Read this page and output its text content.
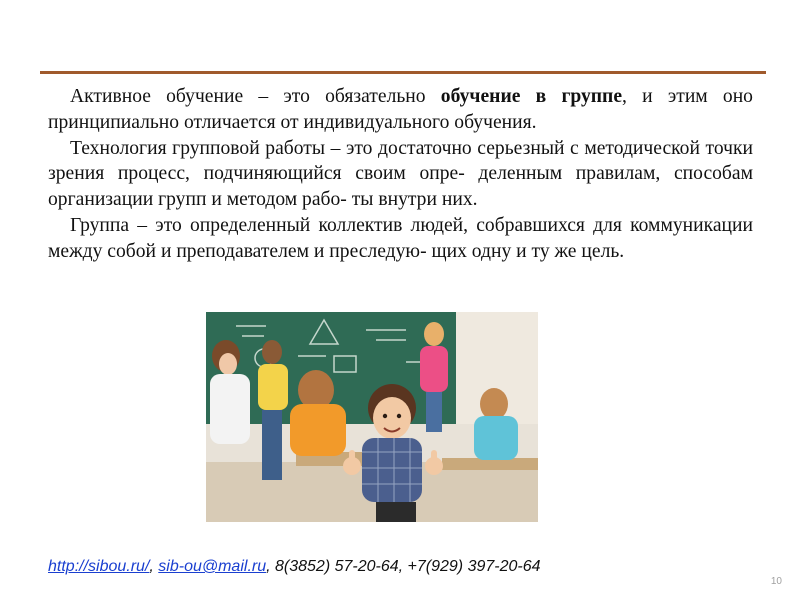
Активное обучение – это обязательно обучение в группе, и этим оно принципиально отличается от индивидуального обучения.

Технология групповой работы – это достаточно серьезный с методической точки зрения процесс, подчиняющийся своим опре- деленным правилам, способам организации групп и методом рабо- ты внутри них.

Группа – это определенный коллектив людей, собравшихся для коммуникации между собой и преподавателем и преследую- щих одну и ту же цель.

http://sibou.ru/, sib-ou@mail.ru, 8(3852) 57-20-64, +7(929) 397-20-64
10
